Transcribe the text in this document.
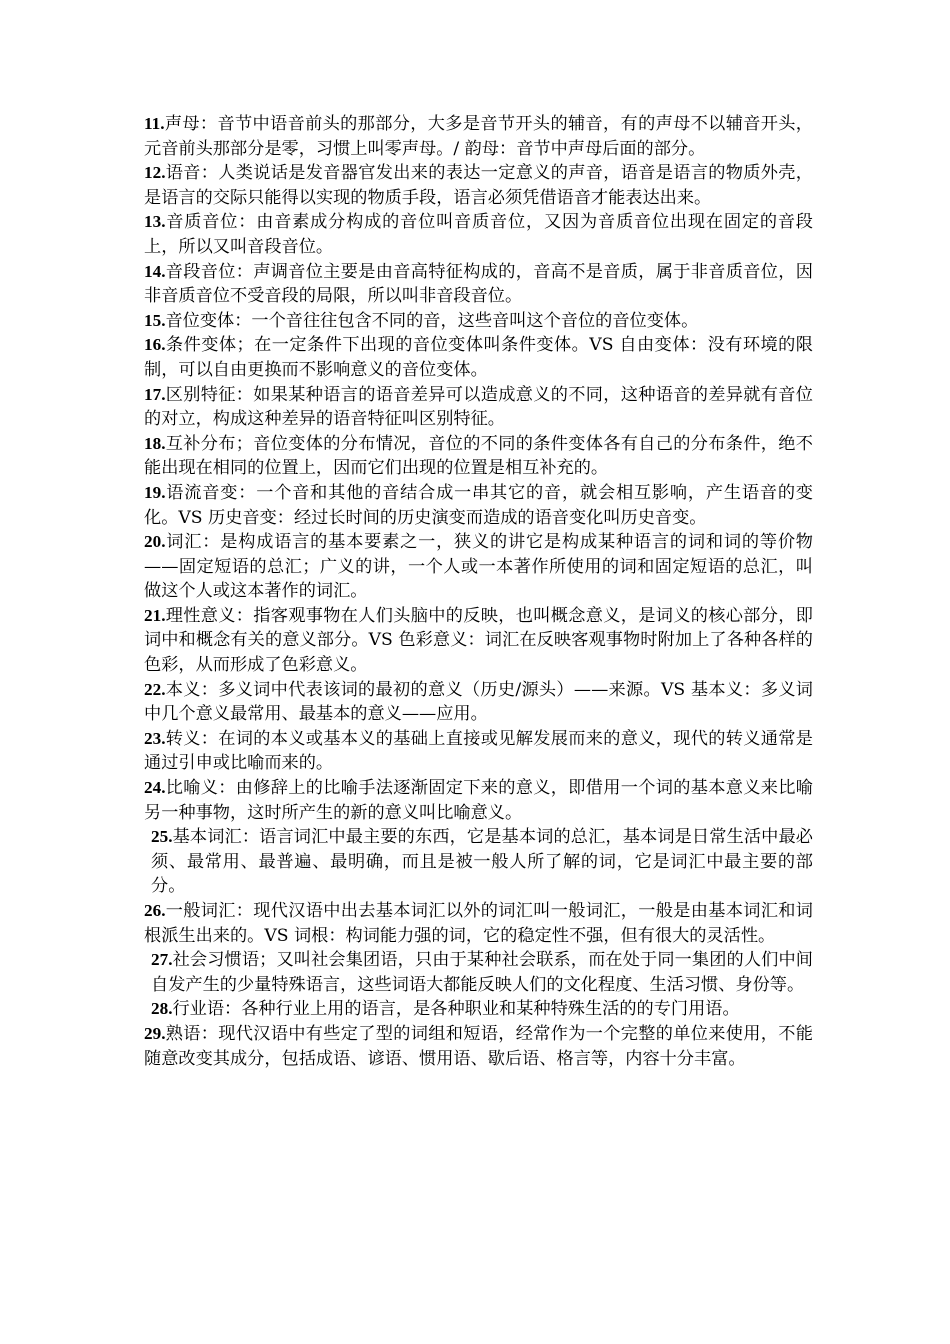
11.声母：音节中语音前头的那部分，大多是音节开头的辅音，有的声母不以辅音开头，元音前头那部分是零，习惯上叫零声母。/ 韵母：音节中声母后面的部分。

12.语音：人类说话是发音器官发出来的表达一定意义的声音，语音是语言的物质外壳，是语言的交际只能得以实现的物质手段，语言必须凭借语音才能表达出来。

13.音质音位：由音素成分构成的音位叫音质音位，又因为音质音位出现在固定的音段上，所以又叫音段音位。

14.音段音位：声调音位主要是由音高特征构成的，音高不是音质，属于非音质音位，因非音质音位不受音段的局限，所以叫非音段音位。

15.音位变体：一个音往往包含不同的音，这些音叫这个音位的音位变体。

16.条件变体；在一定条件下出现的音位变体叫条件变体。VS 自由变体：没有环境的限制，可以自由更换而不影响意义的音位变体。

17.区别特征：如果某种语言的语音差异可以造成意义的不同，这种语音的差异就有音位的对立，构成这种差异的语音特征叫区别特征。

18.互补分布；音位变体的分布情况，音位的不同的条件变体各有自己的分布条件，绝不能出现在相同的位置上，因而它们出现的位置是相互补充的。

19.语流音变：一个音和其他的音结合成一串其它的音，就会相互影响，产生语音的变化。VS 历史音变：经过长时间的历史演变而造成的语音变化叫历史音变。

20.词汇：是构成语言的基本要素之一，狭义的讲它是构成某种语言的词和词的等价物——固定短语的总汇；广义的讲，一个人或一本著作所使用的词和固定短语的总汇，叫做这个人或这本著作的词汇。

21.理性意义：指客观事物在人们头脑中的反映，也叫概念意义，是词义的核心部分，即词中和概念有关的意义部分。VS 色彩意义：词汇在反映客观事物时附加上了各种各样的色彩，从而形成了色彩意义。

22.本义：多义词中代表该词的最初的意义（历史/源头）——来源。VS 基本义：多义词中几个意义最常用、最基本的意义——应用。

23.转义：在词的本义或基本义的基础上直接或见解发展而来的意义，现代的转义通常是通过引申或比喻而来的。

24.比喻义：由修辞上的比喻手法逐渐固定下来的意义，即借用一个词的基本意义来比喻另一种事物，这时所产生的新的意义叫比喻意义。

25.基本词汇：语言词汇中最主要的东西，它是基本词的总汇，基本词是日常生活中最必须、最常用、最普遍、最明确，而且是被一般人所了解的词，它是词汇中最主要的部分。

26.一般词汇：现代汉语中出去基本词汇以外的词汇叫一般词汇，一般是由基本词汇和词根派生出来的。VS 词根：构词能力强的词，它的稳定性不强，但有很大的灵活性。

27.社会习惯语；又叫社会集团语，只由于某种社会联系，而在处于同一集团的人们中间自发产生的少量特殊语言，这些词语大都能反映人们的文化程度、生活习惯、身份等。

28.行业语：各种行业上用的语言，是各种职业和某种特殊生活的的专门用语。

29.熟语：现代汉语中有些定了型的词组和短语，经常作为一个完整的单位来使用，不能随意改变其成分，包括成语、谚语、惯用语、歇后语、格言等，内容十分丰富。
